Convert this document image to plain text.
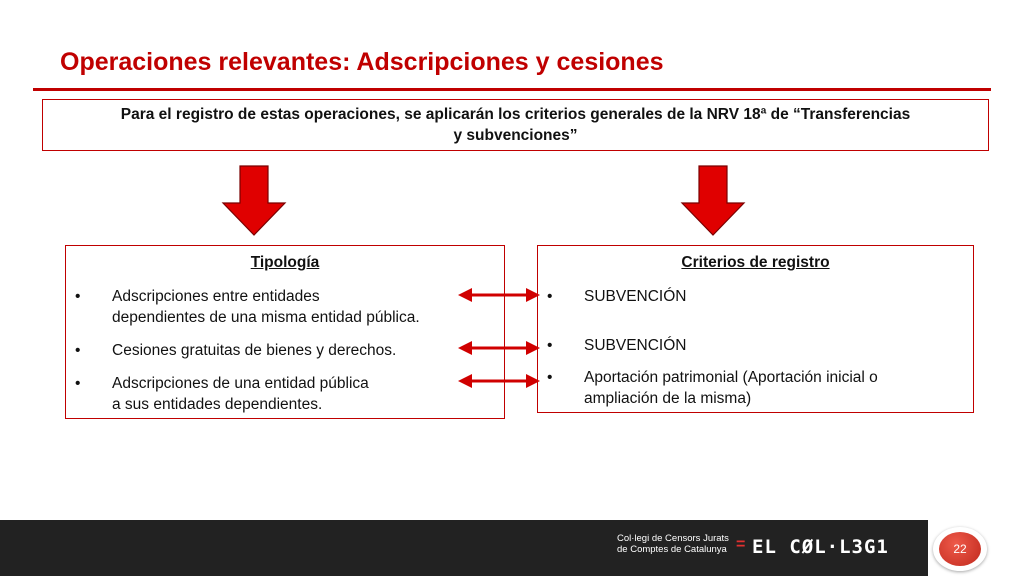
Operaciones relevantes: Adscripciones y cesiones
Para el registro de estas operaciones, se aplicarán los criterios generales de la NRV 18ª de “Transferencias
y subvenciones”
Tipología
• Adscripciones entre entidades
dependientes de una misma entidad pública.
• Cesiones gratuitas de bienes y derechos.
• Adscripciones de una entidad pública
a sus entidades dependientes.
Criterios de registro
• SUBVENCIÓN
• SUBVENCIÓN
• Aportación patrimonial (Aportación inicial o
ampliación de la misma)
Col·legi de Censors Jurats
de Comptes de Catalunya = EL CØL·L3G1	22
